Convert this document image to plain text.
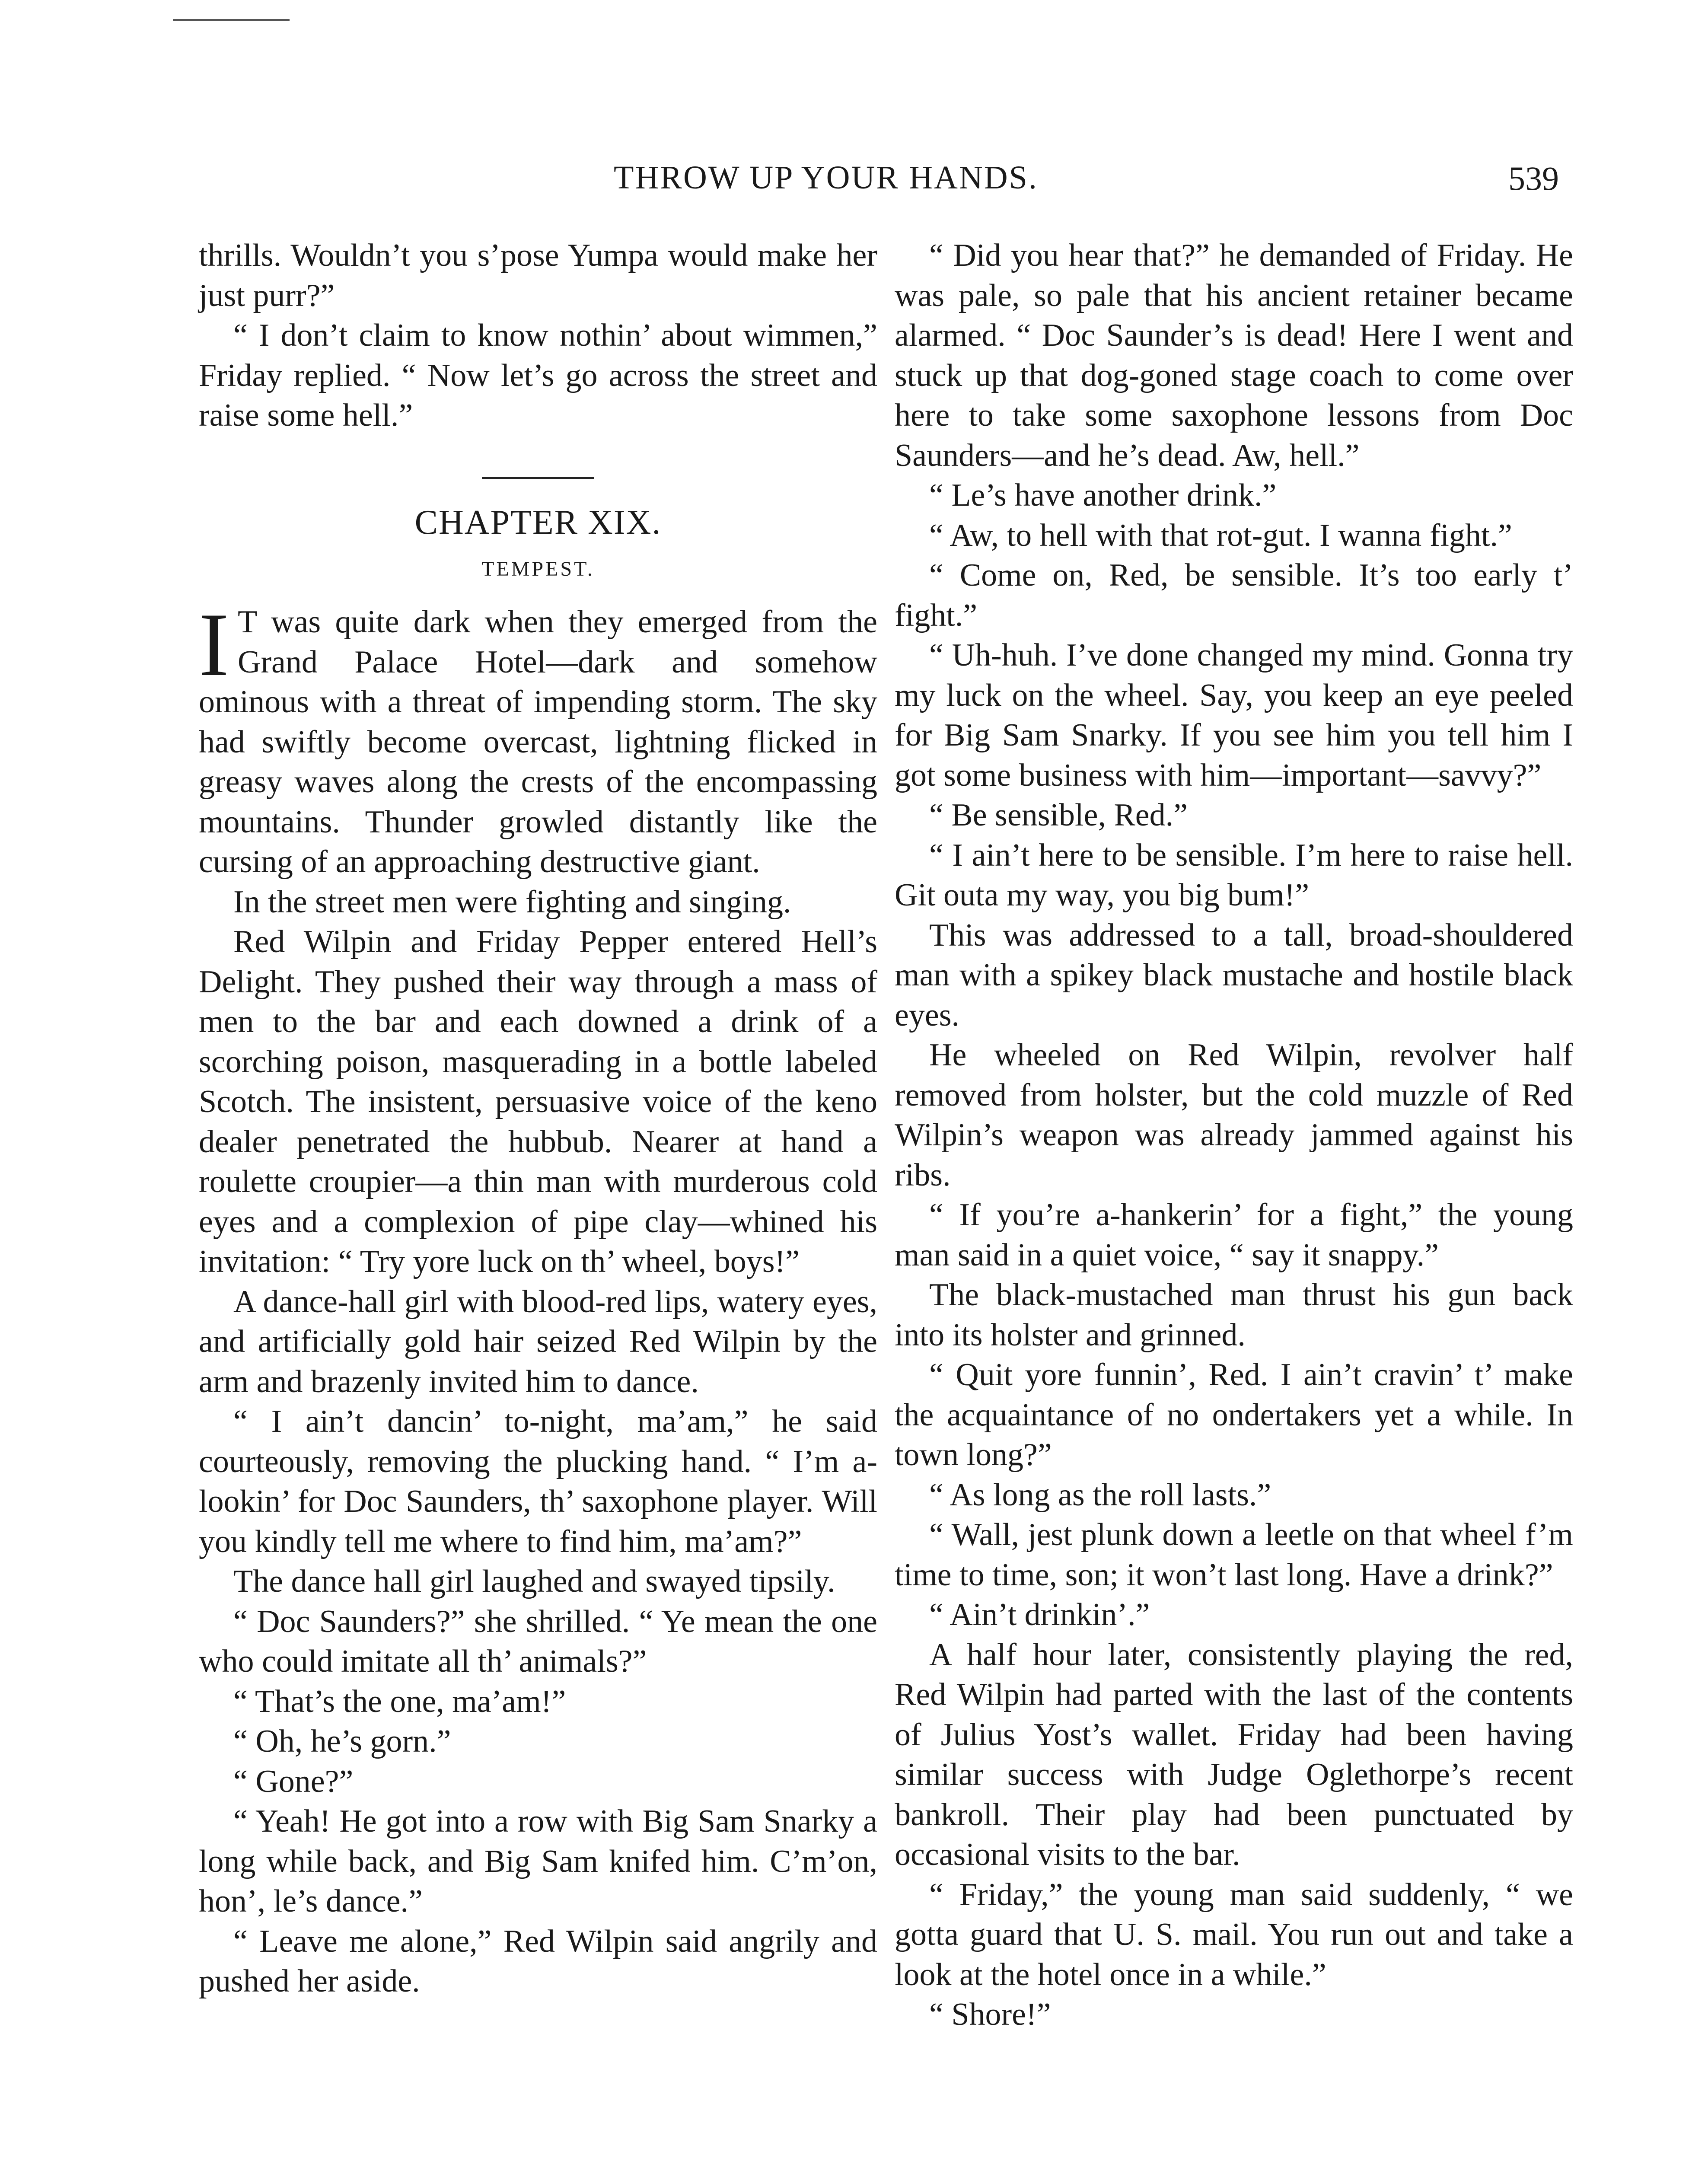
THROW UP YOUR HANDS.	539

thrills. Wouldn’t you s’pose Yumpa would make her just purr?”

“ I don’t claim to know nothin’ about wimmen,” Friday replied. “ Now let’s go across the street and raise some hell.”

CHAPTER XIX.
TEMPEST.

I T was quite dark when they emerged from the Grand Palace Hotel—dark and somehow ominous with a threat of impending storm. The sky had swiftly become overcast, lightning flicked in greasy waves along the crests of the encompassing mountains. Thunder growled distantly like the cursing of an approaching destructive giant.

In the street men were fighting and singing.

Red Wilpin and Friday Pepper entered Hell’s Delight. They pushed their way through a mass of men to the bar and each downed a drink of a scorching poison, masquerading in a bottle labeled Scotch. The insistent, persuasive voice of the keno dealer penetrated the hubbub. Nearer at hand a roulette croupier—a thin man with murderous cold eyes and a complexion of pipe clay—whined his invitation: “ Try yore luck on th’ wheel, boys!”

A dance-hall girl with blood-red lips, watery eyes, and artificially gold hair seized Red Wilpin by the arm and brazenly invited him to dance.

“ I ain’t dancin’ to-night, ma’am,” he said courteously, removing the plucking hand. “ I’m a-lookin’ for Doc Saunders, th’ saxophone player. Will you kindly tell me where to find him, ma’am?”

The dance hall girl laughed and swayed tipsily.

“ Doc Saunders?” she shrilled. “ Ye mean the one who could imitate all th’ animals?”

“ That’s the one, ma’am!”

“ Oh, he’s gorn.”

“ Gone?”

“ Yeah! He got into a row with Big Sam Snarky a long while back, and Big Sam knifed him. C’m’on, hon’, le’s dance.”

“ Leave me alone,” Red Wilpin said angrily and pushed her aside.

“ Did you hear that?” he demanded of Friday. He was pale, so pale that his ancient retainer became alarmed. “ Doc Saunder’s is dead! Here I went and stuck up that dog-goned stage coach to come over here to take some saxophone lessons from Doc Saunders—and he’s dead. Aw, hell.”

“ Le’s have another drink.”

“ Aw, to hell with that rot-gut. I wanna fight.”

“ Come on, Red, be sensible. It’s too early t’ fight.”

“ Uh-huh. I’ve done changed my mind. Gonna try my luck on the wheel. Say, you keep an eye peeled for Big Sam Snarky. If you see him you tell him I got some business with him—important—savvy?”

“ Be sensible, Red.”

“ I ain’t here to be sensible. I’m here to raise hell. Git outa my way, you big bum!”

This was addressed to a tall, broad-shouldered man with a spikey black mustache and hostile black eyes.

He wheeled on Red Wilpin, revolver half removed from holster, but the cold muzzle of Red Wilpin’s weapon was already jammed against his ribs.

“ If you’re a-hankerin’ for a fight,” the young man said in a quiet voice, “ say it snappy.”

The black-mustached man thrust his gun back into its holster and grinned.

“ Quit yore funnin’, Red. I ain’t cravin’ t’ make the acquaintance of no ondertakers yet a while. In town long?”

“ As long as the roll lasts.”

“ Wall, jest plunk down a leetle on that wheel f’m time to time, son; it won’t last long. Have a drink?”

“ Ain’t drinkin’.”

A half hour later, consistently playing the red, Red Wilpin had parted with the last of the contents of Julius Yost’s wallet. Friday had been having similar success with Judge Oglethorpe’s recent bankroll. Their play had been punctuated by occasional visits to the bar.

“ Friday,” the young man said suddenly, “ we gotta guard that U. S. mail. You run out and take a look at the hotel once in a while.”

“ Shore!”
